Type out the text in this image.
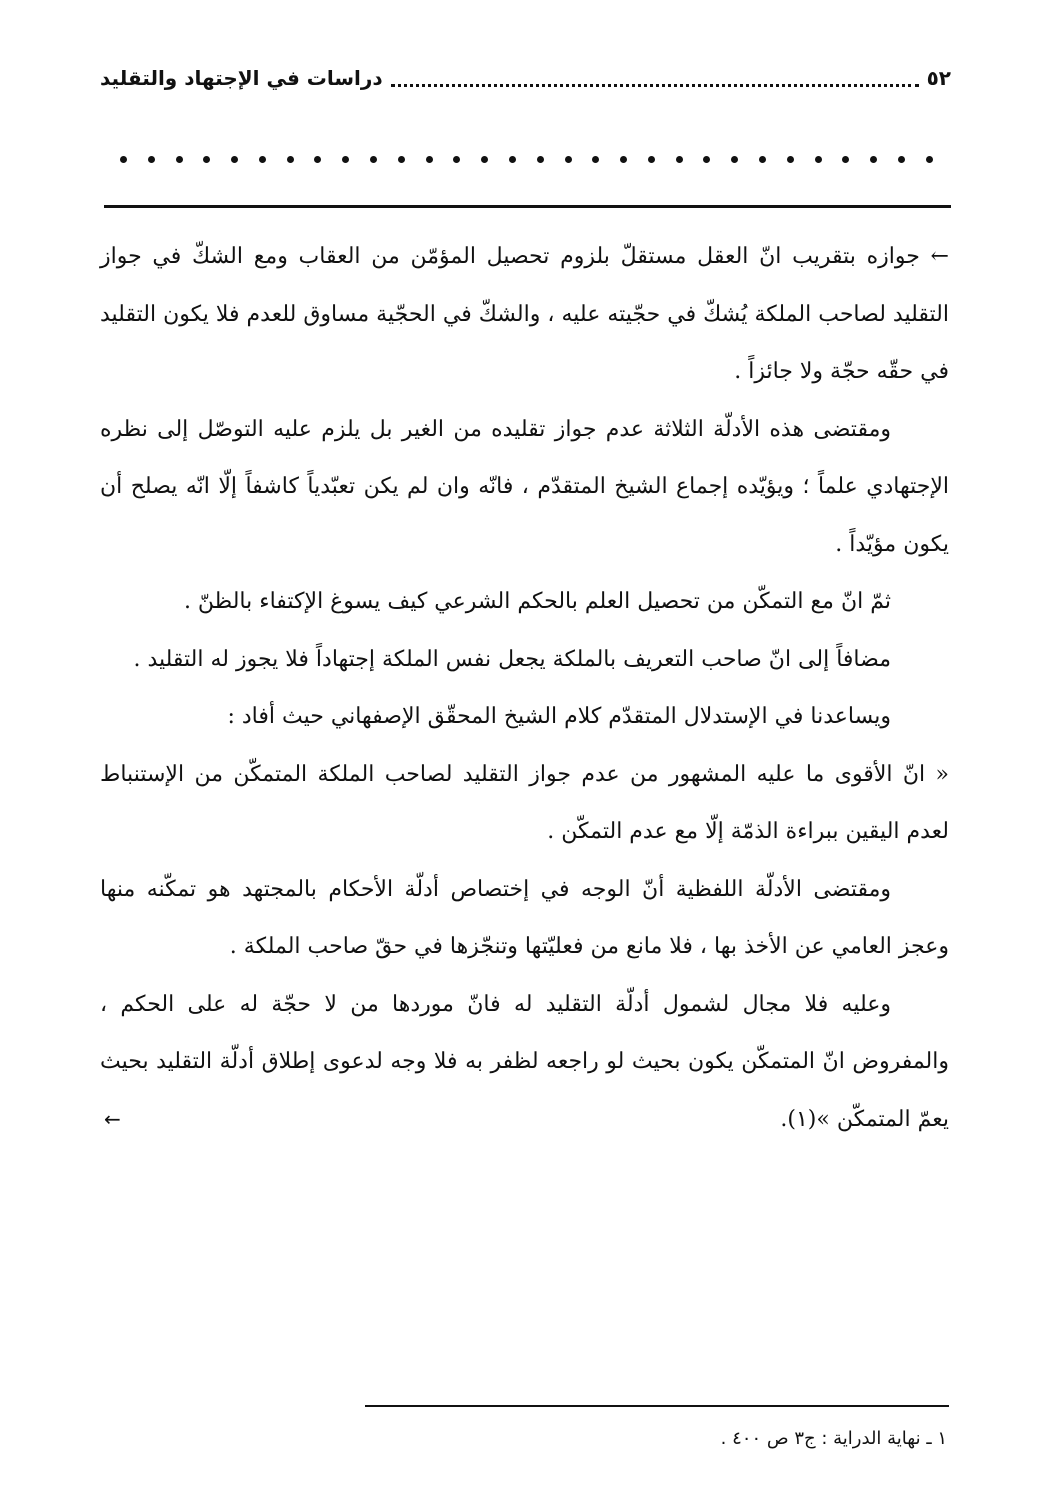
٥٢
دراسات في الإجتهاد والتقليد

← جوازه بتقريب انّ العقل مستقلّ بلزوم تحصيل المؤمّن من العقاب ومع الشكّ في جواز التقليد لصاحب الملكة يُشكّ في حجّيته عليه ، والشكّ في الحجّية مساوق للعدم فلا يكون التقليد في حقّه حجّة ولا جائزاً .

ومقتضى هذه الأدلّة الثلاثة عدم جواز تقليده من الغير بل يلزم عليه التوصّل إلى نظره الإجتهادي علماً ؛ ويؤيّده إجماع الشيخ المتقدّم ، فانّه وان لم يكن تعبّدياً كاشفاً إلّا انّه يصلح أن يكون مؤيّداً .

ثمّ انّ مع التمكّن من تحصيل العلم بالحكم الشرعي كيف يسوغ الإكتفاء بالظنّ .

مضافاً إلى انّ صاحب التعريف بالملكة يجعل نفس الملكة إجتهاداً فلا يجوز له التقليد .

ويساعدنا في الإستدلال المتقدّم كلام الشيخ المحقّق الإصفهاني حيث أفاد :

« انّ الأقوى ما عليه المشهور من عدم جواز التقليد لصاحب الملكة المتمكّن من الإستنباط لعدم اليقين ببراءة الذمّة إلّا مع عدم التمكّن .

ومقتضى الأدلّة اللفظية أنّ الوجه في إختصاص أدلّة الأحكام بالمجتهد هو تمكّنه منها وعجز العامي عن الأخذ بها ، فلا مانع من فعليّتها وتنجّزها في حقّ صاحب الملكة .

وعليه فلا مجال لشمول أدلّة التقليد له فانّ موردها من لا حجّة له على الحكم ، والمفروض انّ المتمكّن يكون بحيث لو راجعه لظفر به فلا وجه لدعوى إطلاق أدلّة التقليد بحيث يعمّ المتمكّن »(١).
←

١ ـ نهاية الدراية : ج٣ ص ٤٠٠ .
